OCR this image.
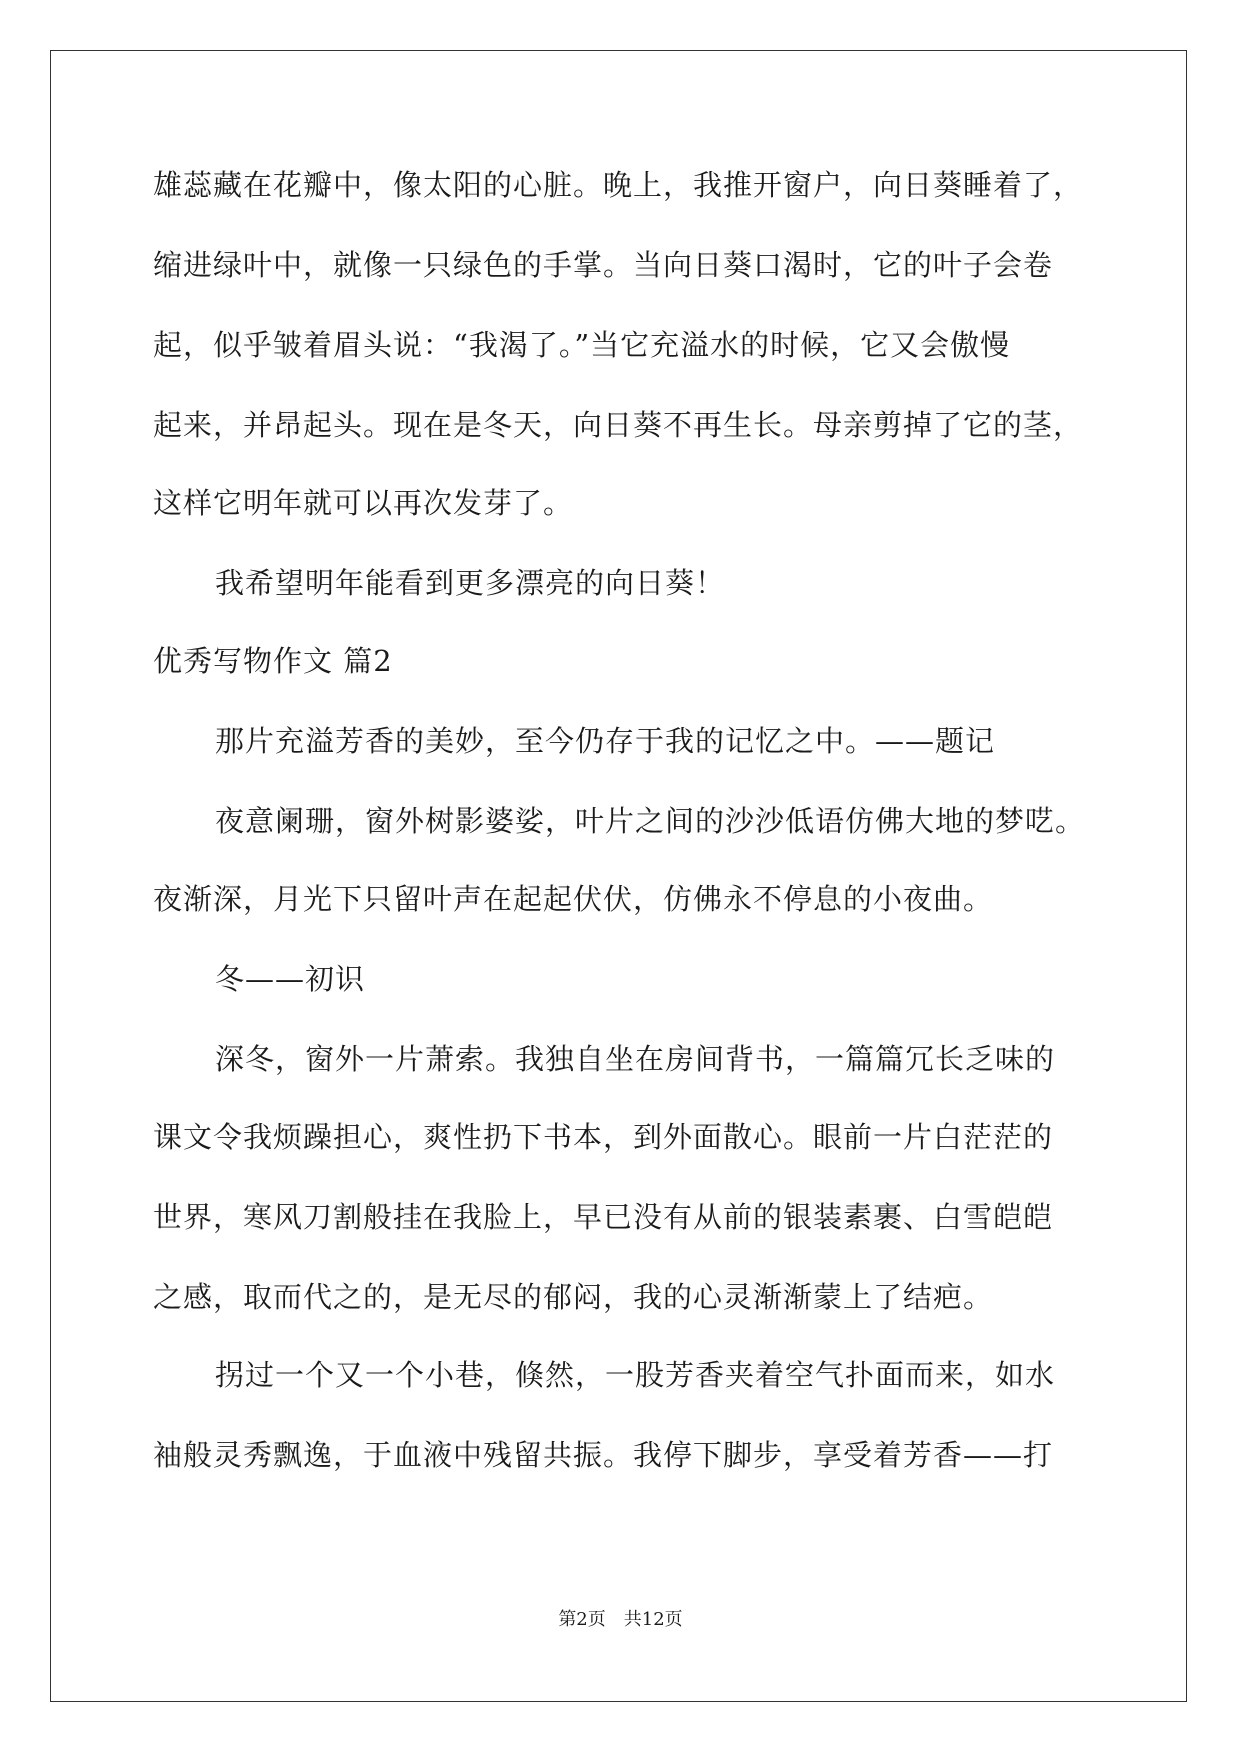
雄蕊藏在花瓣中，像太阳的心脏。晚上，我推开窗户，向日葵睡着了，
缩进绿叶中，就像一只绿色的手掌。当向日葵口渴时，它的叶子会卷
起，似乎皱着眉头说：“我渴了。”当它充溢水的时候，它又会傲慢
起来，并昂起头。现在是冬天，向日葵不再生长。母亲剪掉了它的茎，
这样它明年就可以再次发芽了。
我希望明年能看到更多漂亮的向日葵！
优秀写物作文 篇2
那片充溢芳香的美妙，至今仍存于我的记忆之中。——题记
夜意阑珊，窗外树影婆娑，叶片之间的沙沙低语仿佛大地的梦呓。
夜渐深，月光下只留叶声在起起伏伏，仿佛永不停息的小夜曲。
冬——初识
深冬，窗外一片萧索。我独自坐在房间背书，一篇篇冗长乏味的
课文令我烦躁担心，爽性扔下书本，到外面散心。眼前一片白茫茫的
世界，寒风刀割般挂在我脸上，早已没有从前的银装素裹、白雪皑皑
之感，取而代之的，是无尽的郁闷，我的心灵渐渐蒙上了结疤。
拐过一个又一个小巷，倏然，一股芳香夹着空气扑面而来，如水
袖般灵秀飘逸，于血液中残留共振。我停下脚步，享受着芳香——打
第2页　共12页
